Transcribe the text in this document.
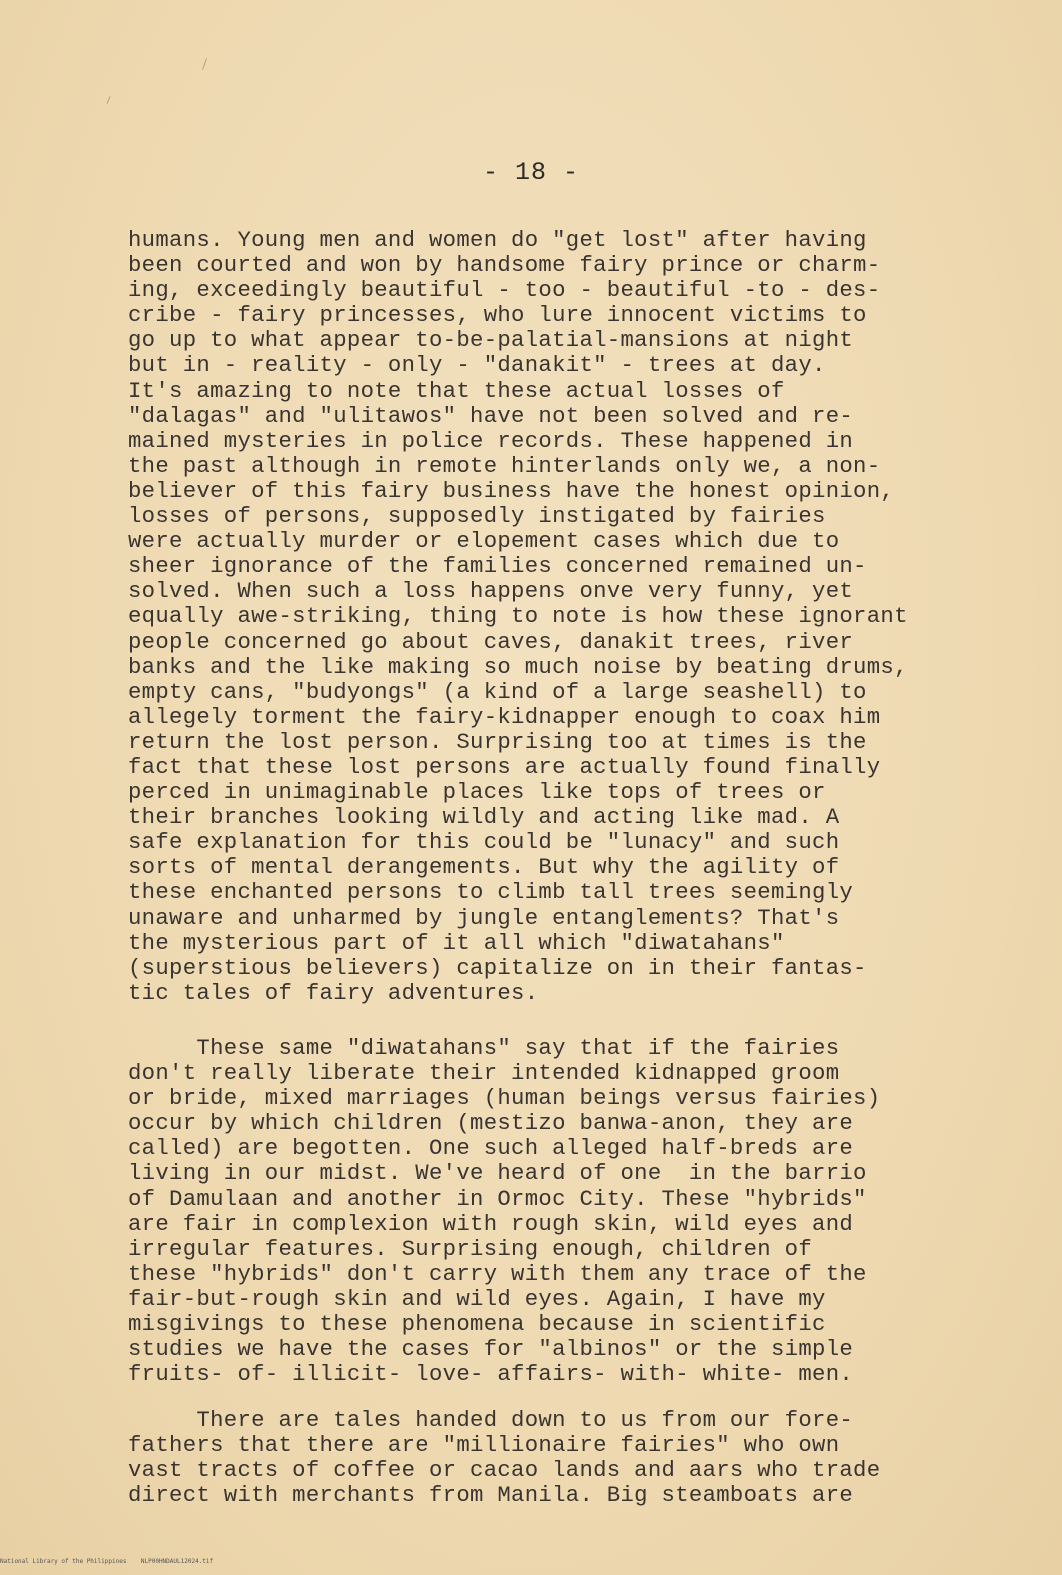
- 18 -
humans. Young men and women do "get lost" after having
been courted and won by handsome fairy prince or charm-
ing, exceedingly beautiful - too - beautiful -to - des-
cribe - fairy princesses, who lure innocent victims to
go up to what appear to-be-palatial-mansions at night
but in - reality - only - "danakit" - trees at day.
It's amazing to note that these actual losses of
"dalagas" and "ulitawos" have not been solved and re-
mained mysteries in police records. These happened in
the past although in remote hinterlands only we, a non-
believer of this fairy business have the honest opinion,
losses of persons, supposedly instigated by fairies
were actually murder or elopement cases which due to
sheer ignorance of the families concerned remained un-
solved. When such a loss happens onve very funny, yet
equally awe-striking, thing to note is how these ignorant
people concerned go about caves, danakit trees, river
banks and the like making so much noise by beating drums,
empty cans, "budyongs" (a kind of a large seashell) to
allegely torment the fairy-kidnapper enough to coax him
return the lost person. Surprising too at times is the
fact that these lost persons are actually found finally
perced in unimaginable places like tops of trees or
their branches looking wildly and acting like mad. A
safe explanation for this could be "lunacy" and such
sorts of mental derangements. But why the agility of
these enchanted persons to climb tall trees seemingly
unaware and unharmed by jungle entanglements? That's
the mysterious part of it all which "diwatahans"
(superstious believers) capitalize on in their fantas-
tic tales of fairy adventures.
These same "diwatahans" say that if the fairies
don't really liberate their intended kidnapped groom
or bride, mixed marriages (human beings versus fairies)
occur by which children (mestizo banwa-anon, they are
called) are begotten. One such alleged half-breds are
living in our midst. We've heard of one  in the barrio
of Damulaan and another in Ormoc City. These "hybrids"
are fair in complexion with rough skin, wild eyes and
irregular features. Surprising enough, children of
these "hybrids" don't carry with them any trace of the
fair-but-rough skin and wild eyes. Again, I have my
misgivings to these phenomena because in scientific
studies we have the cases for "albinos" or the simple
fruits- of- illicit- love- affairs- with- white- men.
There are tales handed down to us from our fore-
fathers that there are "millionaire fairies" who own
vast tracts of coffee or cacao lands and aars who trade
direct with merchants from Manila. Big steamboats are
National Library of the Philippines    NLP00HNDAUL12024.tif
